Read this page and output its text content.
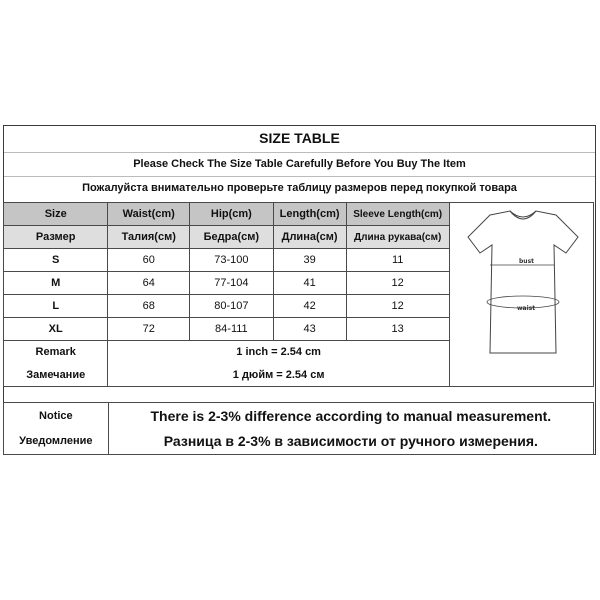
SIZE TABLE
Please Check The Size Table Carefully Before You Buy The Item
Пожалуйста внимательно проверьте таблицу размеров перед покупкой товара
Size	Waist(cm)	Hip(cm)	Length(cm)	Sleeve Length(cm)	bust
waist

Размер	Талия(см)	Бедра(см)	Длина(см)	Длина рукава(см)	
S	60	73-100	39	11	
M	64	77-104	41	12	
L	68	80-107	42	12	
XL	72	84-111	43	13	
Remark	1 inch = 2.54 cm				
Замечание	1 дюйм = 2.54 см				
Notice	There is 2-3% difference according to manual measurement.
Уведомление	Разница в 2-3% в зависимости от ручного измерения.
